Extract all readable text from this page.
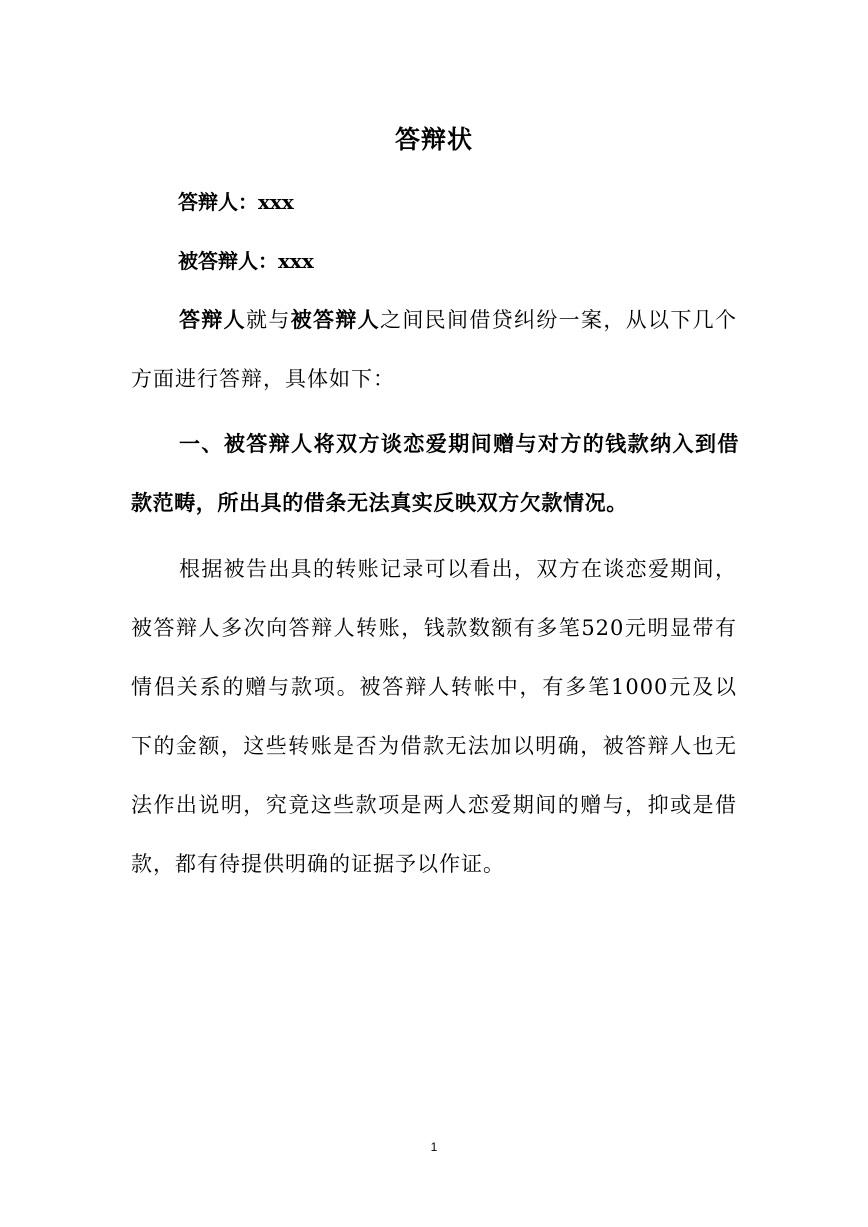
答辩状
答辩人：xxx
被答辩人：xxx
答辩人就与被答辩人之间民间借贷纠纷一案，从以下几个方面进行答辩，具体如下：
一、被答辩人将双方谈恋爱期间赠与对方的钱款纳入到借款范畴，所出具的借条无法真实反映双方欠款情况。
根据被告出具的转账记录可以看出，双方在谈恋爱期间，被答辩人多次向答辩人转账，钱款数额有多笔520元明显带有情侣关系的赠与款项。被答辩人转帐中，有多笔1000元及以下的金额，这些转账是否为借款无法加以明确，被答辩人也无法作出说明，究竟这些款项是两人恋爱期间的赠与，抑或是借款，都有待提供明确的证据予以作证。
1
